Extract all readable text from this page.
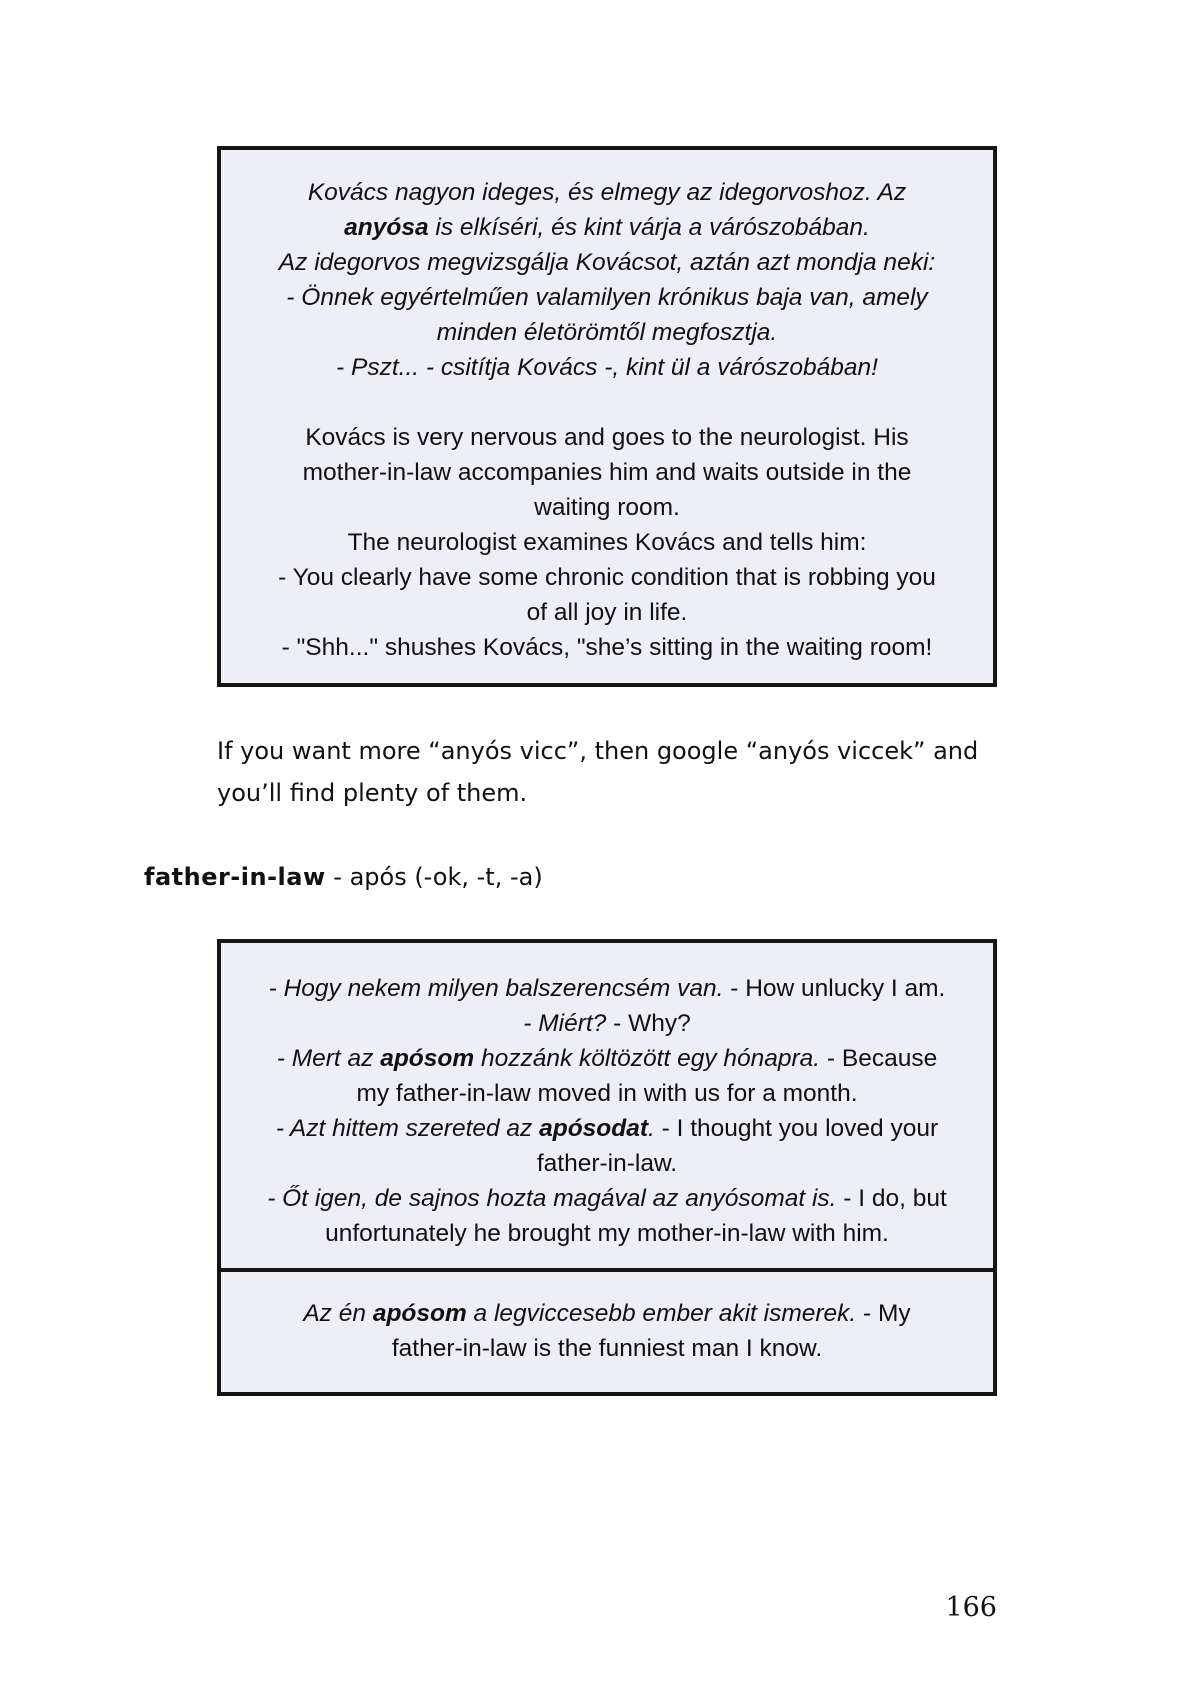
Kovács nagyon ideges, és elmegy az idegorvoshoz. Az
anyósa is elkíséri, és kint várja a várószobában.
Az idegorvos megvizsgálja Kovácsot, aztán azt mondja neki:
- Önnek egyértelműen valamilyen krónikus baja van, amely
minden életörömtől megfosztja.
- Pszt... - csitítja Kovács -, kint ül a várószobában!
Kovács is very nervous and goes to the neurologist. His
mother-in-law accompanies him and waits outside in the
waiting room.
The neurologist examines Kovács and tells him:
- You clearly have some chronic condition that is robbing you
of all joy in life.
- "Shh..." shushes Kovács, "she’s sitting in the waiting room!
If you want more “anyós vicc”, then google “anyós viccek” and
you’ll find plenty of them.
father-in-law - após (-ok, -t, -a)
- Hogy nekem milyen balszerencsém van. - How unlucky I am.
- Miért? - Why?
- Mert az apósom hozzánk költözött egy hónapra. - Because
my father-in-law moved in with us for a month.
- Azt hittem szereted az apósodat. - I thought you loved your
father-in-law.
- Őt igen, de sajnos hozta magával az anyósomat is. - I do, but
unfortunately he brought my mother-in-law with him.
Az én apósom a legviccesebb ember akit ismerek. - My
father-in-law is the funniest man I know.
166
